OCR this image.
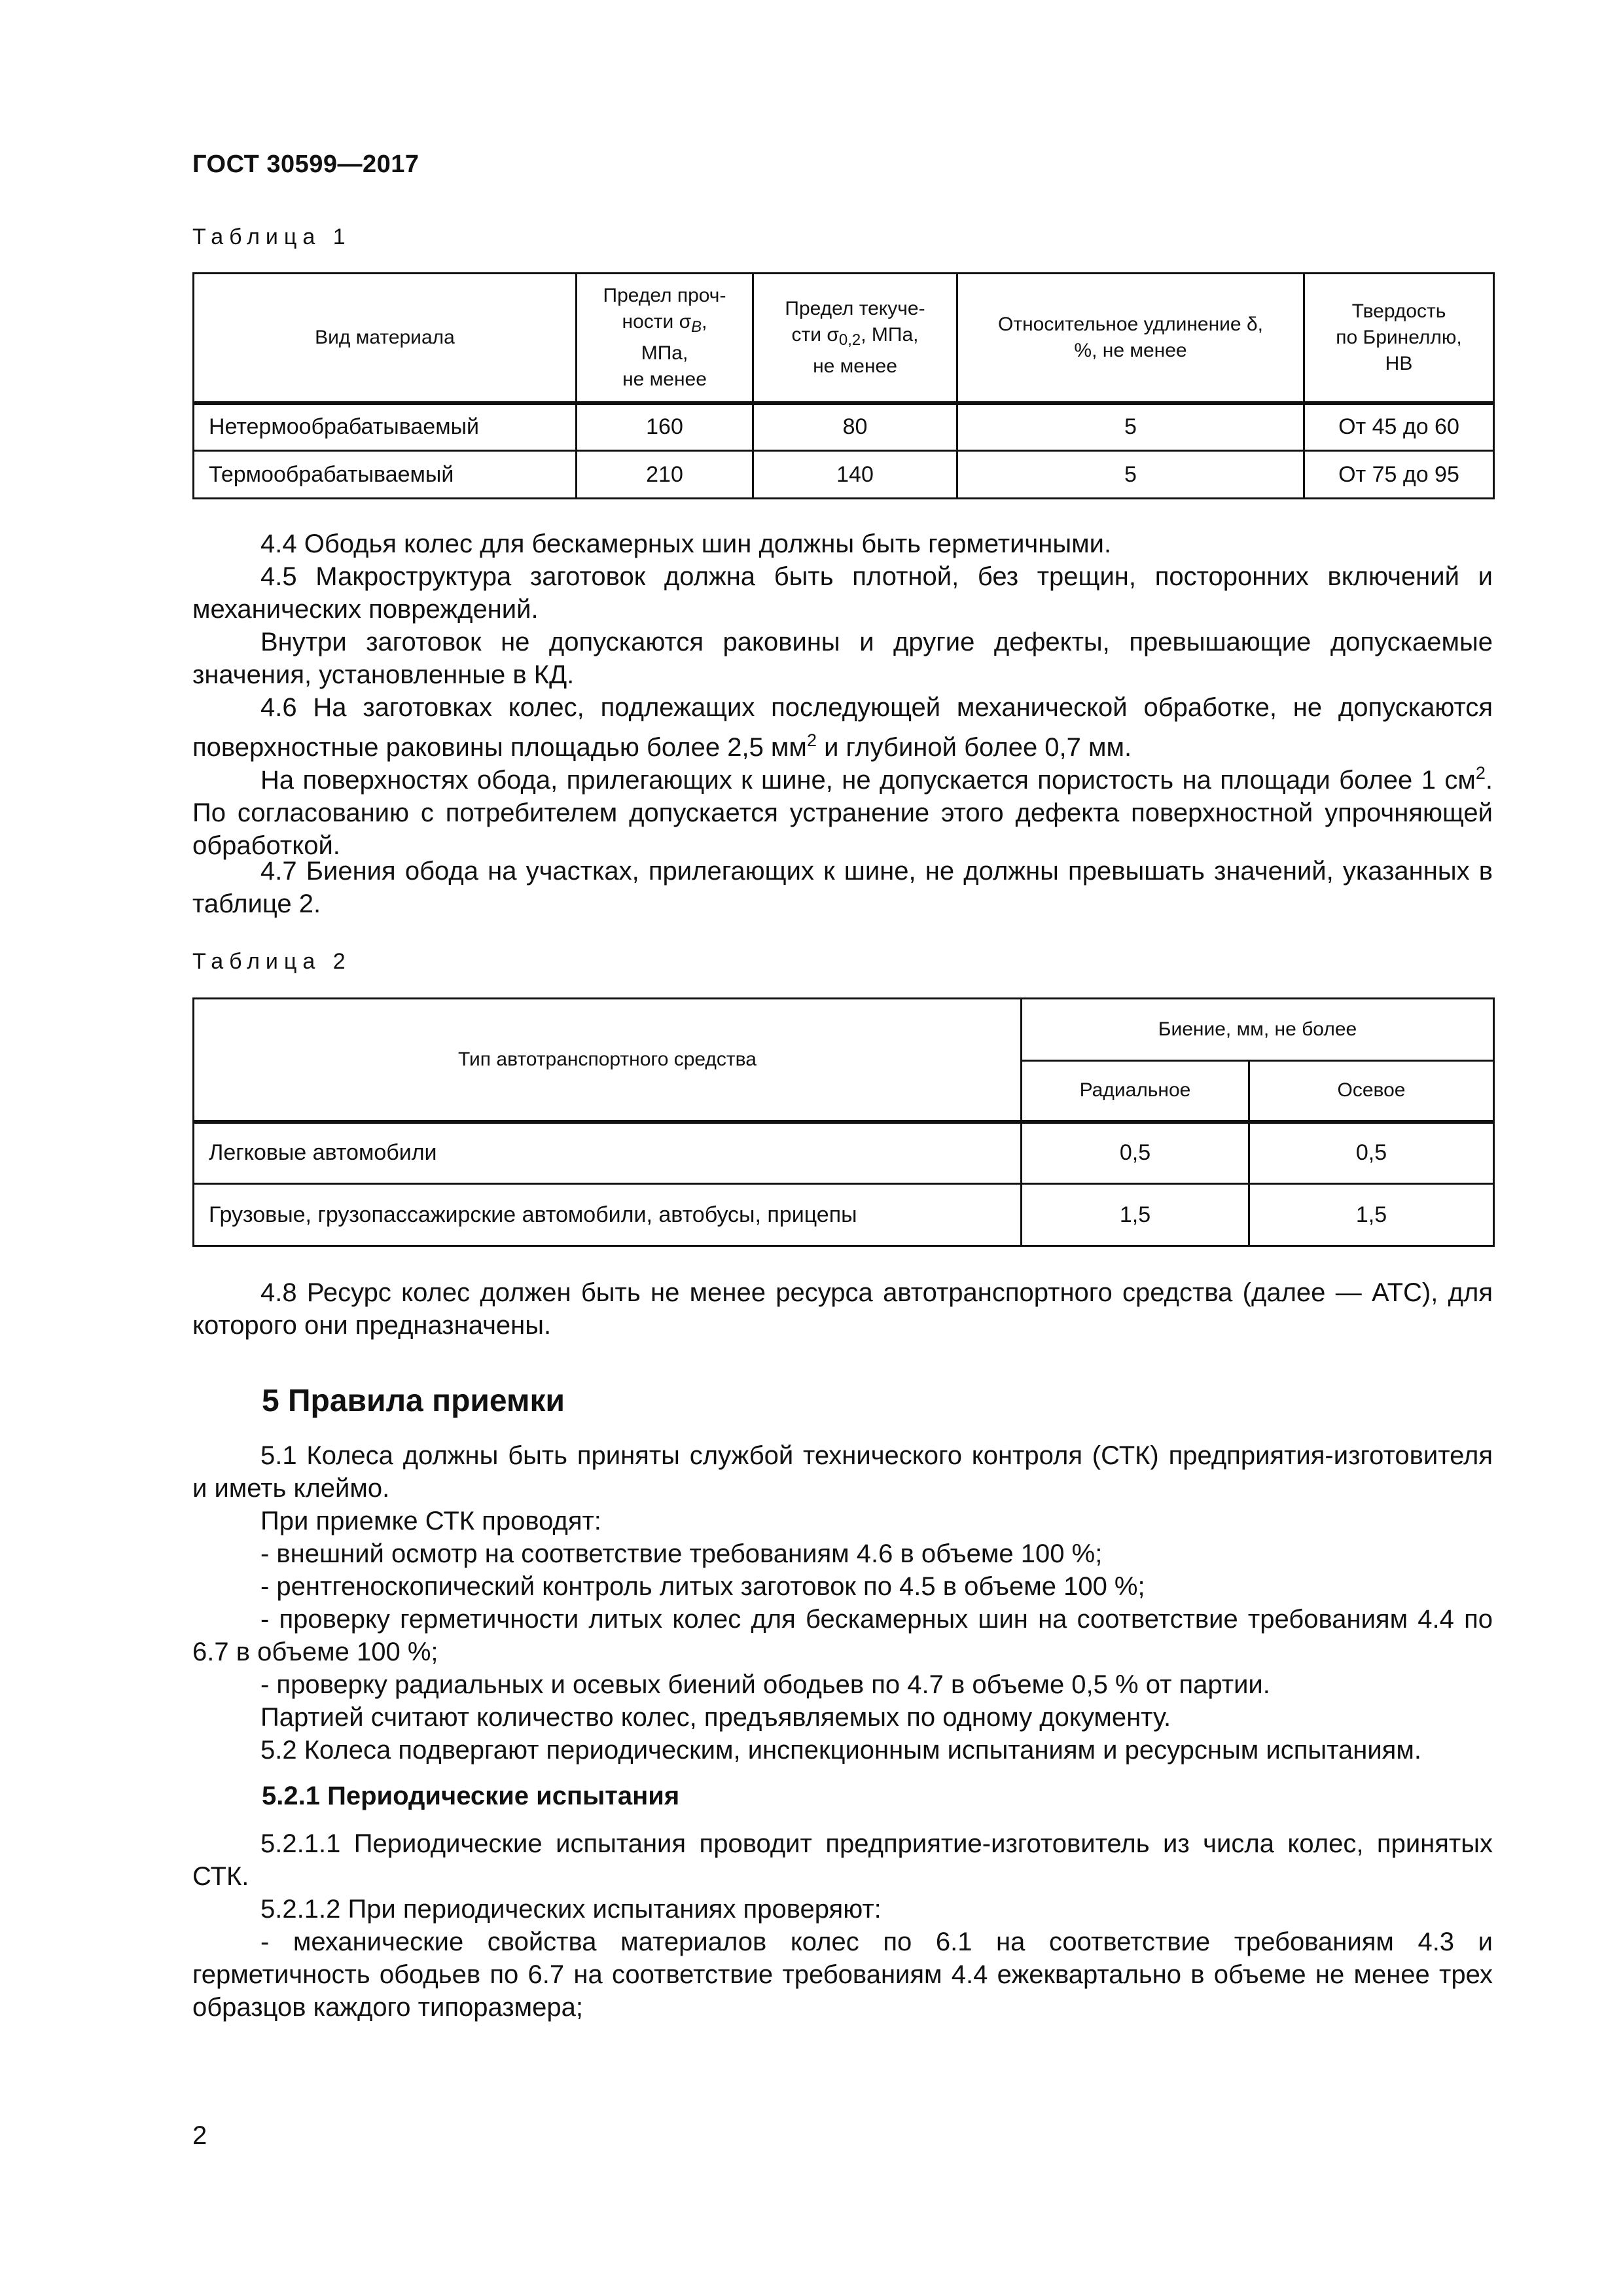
ГОСТ 30599—2017
Таблица 1
Вид материала	Предел проч-
ности $\sigma_B$,
МПа,
не менее	Предел текуче-
сти $\sigma_{0,2}$, МПа,
не менее	Относительное удлинение δ,
%, не менее	Твердость
по Бринеллю,
НВ
Нетермообрабатываемый	160	80	5	От 45 до 60
Термообрабатываемый	210	140	5	От 75 до 95

4.4 Ободья колес для бескамерных шин должны быть герметичными.

4.5 Макроструктура заготовок должна быть плотной, без трещин, посторонних включений и механических повреждений.

Внутри заготовок не допускаются раковины и другие дефекты, превышающие допускаемые значения, установленные в КД.

4.6 На заготовках колес, подлежащих последующей механической обработке, не допускаются поверхностные раковины площадью более 2,5 $мм^2$ и глубиной более 0,7 мм.

На поверхностях обода, прилегающих к шине, не допускается пористость на площади более 1 $см^2$. По согласованию с потребителем допускается устранение этого дефекта поверхностной упрочняющей обработкой.

4.7 Биения обода на участках, прилегающих к шине, не должны превышать значений, указанных в таблице 2.

Таблица 2
Тип автотранспортного средства	Биение, мм, не более	
	Радиальное	Осевое
Легковые автомобили	0,5	0,5
Грузовые, грузопассажирские автомобили, автобусы, прицепы	1,5	1,5

4.8 Ресурс колес должен быть не менее ресурса автотранспортного средства (далее — АТС), для которого они предназначены.

5 Правила приемки

5.1 Колеса должны быть приняты службой технического контроля (СТК) предприятия-изготовителя и иметь клеймо.

При приемке СТК проводят:

- внешний осмотр на соответствие требованиям 4.6 в объеме 100 %;

- рентгеноскопический контроль литых заготовок по 4.5 в объеме 100 %;

- проверку герметичности литых колес для бескамерных шин на соответствие требованиям 4.4 по 6.7 в объеме 100 %;

- проверку радиальных и осевых биений ободьев по 4.7 в объеме 0,5 % от партии.

Партией считают количество колес, предъявляемых по одному документу.

5.2 Колеса подвергают периодическим, инспекционным испытаниям и ресурсным испытаниям.

5.2.1 Периодические испытания

5.2.1.1 Периодические испытания проводит предприятие-изготовитель из числа колес, принятых СТК.

5.2.1.2 При периодических испытаниях проверяют:

- механические свойства материалов колес по 6.1 на соответствие требованиям 4.3 и герметичность ободьев по 6.7 на соответствие требованиям 4.4 ежеквартально в объеме не менее трех образцов каждого типоразмера;

2
